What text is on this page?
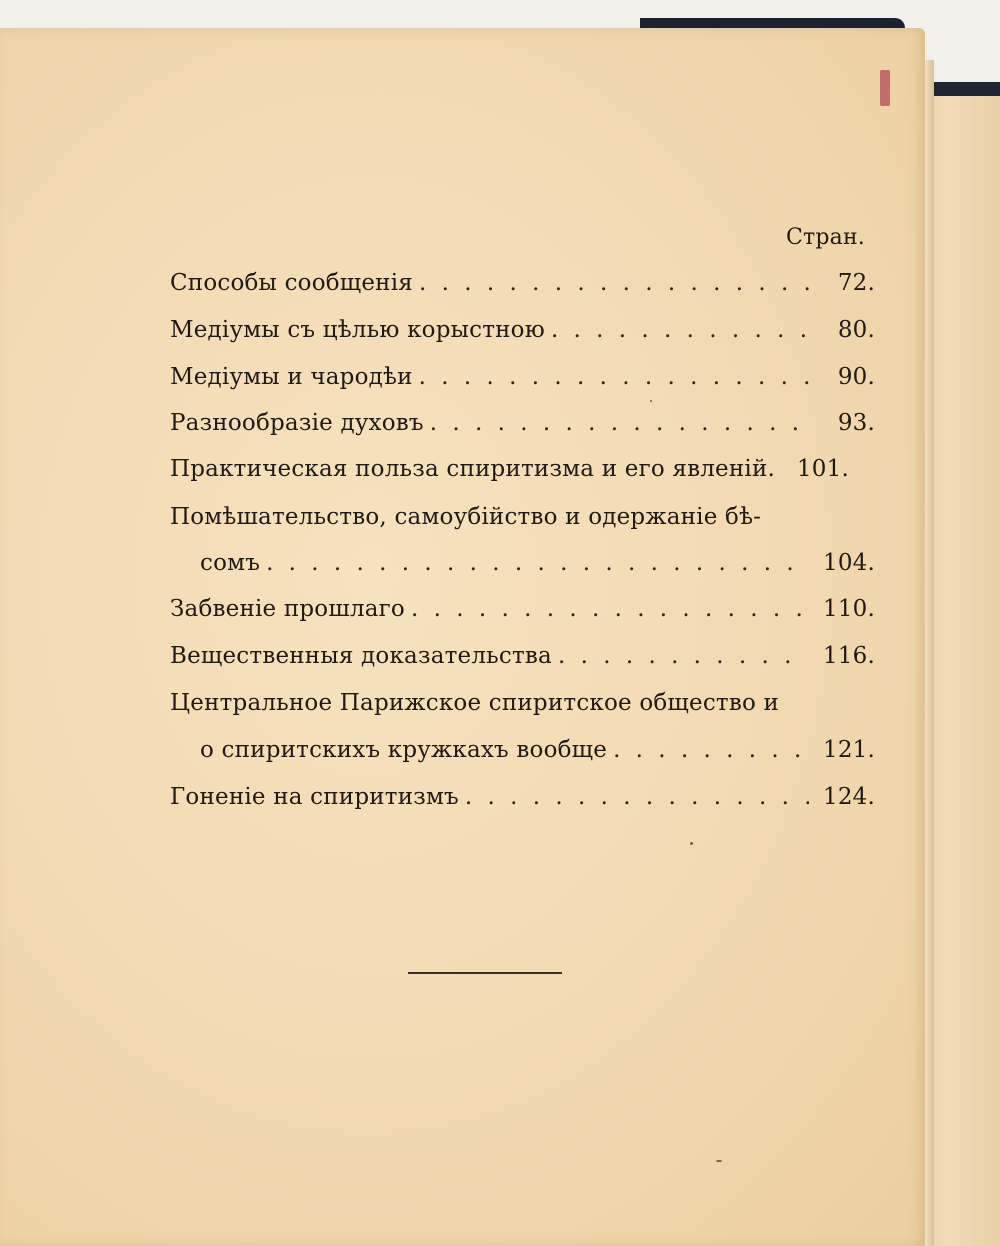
Стран.
Способы сообщенія . . .	72.
Медіумы съ цѣлью корыстною . . .	80.
Медіумы и чародѣи . . .	90.
Разнообразіе духовъ . . .	93.
Практическая польза спиритизма и его явленій. 101.
Помѣшательство, самоубійство и одержаніе бѣ-
сомъ . . .	104.
Забвеніе прошлаго . . .	110.
Вещественныя доказательства . . .	116.
Центральное Парижское спиритское общество и
о спиритскихъ кружкахъ вообще . . .	121.
Гоненіе на спиритизмъ . . .	124.
